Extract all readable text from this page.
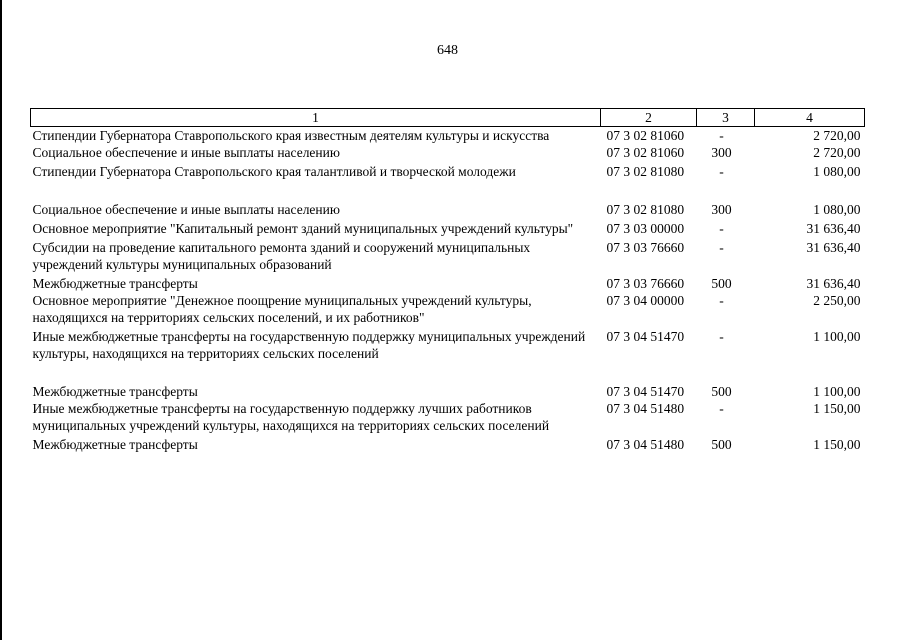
648
1	2	3	4
Стипендии Губернатора Ставропольского края известным деятелям культуры и искусства	07 3 02 81060	-	2 720,00
Социальное обеспечение и иные выплаты населению	07 3 02 81060	300	2 720,00
Стипендии Губернатора Ставропольского края талантливой и творческой молодежи	07 3 02 81080	-	1 080,00
Социальное обеспечение и иные выплаты населению	07 3 02 81080	300	1 080,00
Основное мероприятие "Капитальный ремонт зданий муниципальных учреждений культуры"	07 3 03 00000	-	31 636,40
Субсидии на проведение капитального ремонта зданий и сооружений муниципальных учреждений культуры муниципальных образований	07 3 03 76660	-	31 636,40
Межбюджетные трансферты	07 3 03 76660	500	31 636,40
Основное мероприятие "Денежное поощрение муниципальных учреждений культуры, находящихся на территориях сельских поселений, и их работников"	07 3 04 00000	-	2 250,00
Иные межбюджетные трансферты на государственную поддержку муниципальных учреждений культуры, находящихся на территориях сельских поселений	07 3 04 51470	-	1 100,00
Межбюджетные трансферты	07 3 04 51470	500	1 100,00
Иные межбюджетные трансферты на государственную поддержку лучших работников муниципальных учреждений культуры, находящихся на территориях сельских поселений	07 3 04 51480	-	1 150,00
Межбюджетные трансферты	07 3 04 51480	500	1 150,00
